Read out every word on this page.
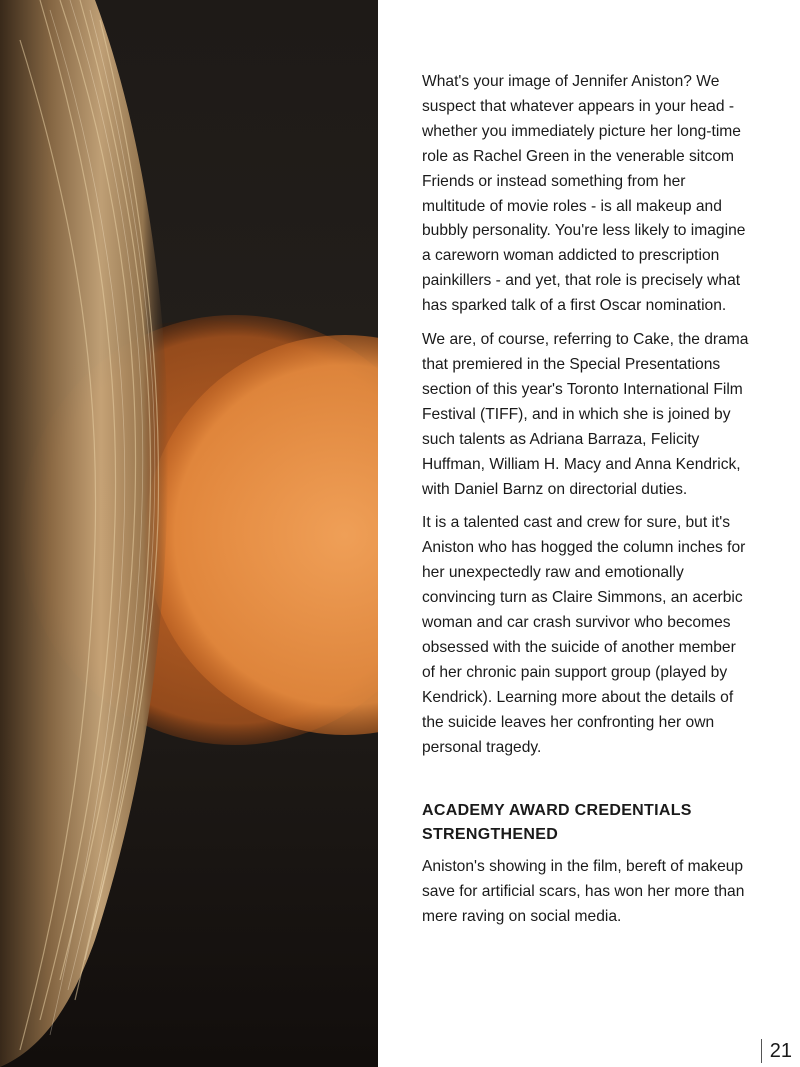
What's your image of Jennifer Aniston? We suspect that whatever appears in your head - whether you immediately picture her long-time role as Rachel Green in the venerable sitcom Friends or instead something from her multitude of movie roles - is all makeup and bubbly personality. You're less likely to imagine a careworn woman addicted to prescription painkillers - and yet, that role is precisely what has sparked talk of a first Oscar nomination.

We are, of course, referring to Cake, the drama that premiered in the Special Presentations section of this year's Toronto International Film Festival (TIFF), and in which she is joined by such talents as Adriana Barraza, Felicity Huffman, William H. Macy and Anna Kendrick, with Daniel Barnz on directorial duties.

It is a talented cast and crew for sure, but it's Aniston who has hogged the column inches for her unexpectedly raw and emotionally convincing turn as Claire Simmons, an acerbic woman and car crash survivor who becomes obsessed with the suicide of another member of her chronic pain support group (played by Kendrick). Learning more about the details of the suicide leaves her confronting her own personal tragedy.

ACADEMY AWARD CREDENTIALS STRENGTHENED

Aniston's showing in the film, bereft of makeup save for artificial scars, has won her more than mere raving on social media.

21
